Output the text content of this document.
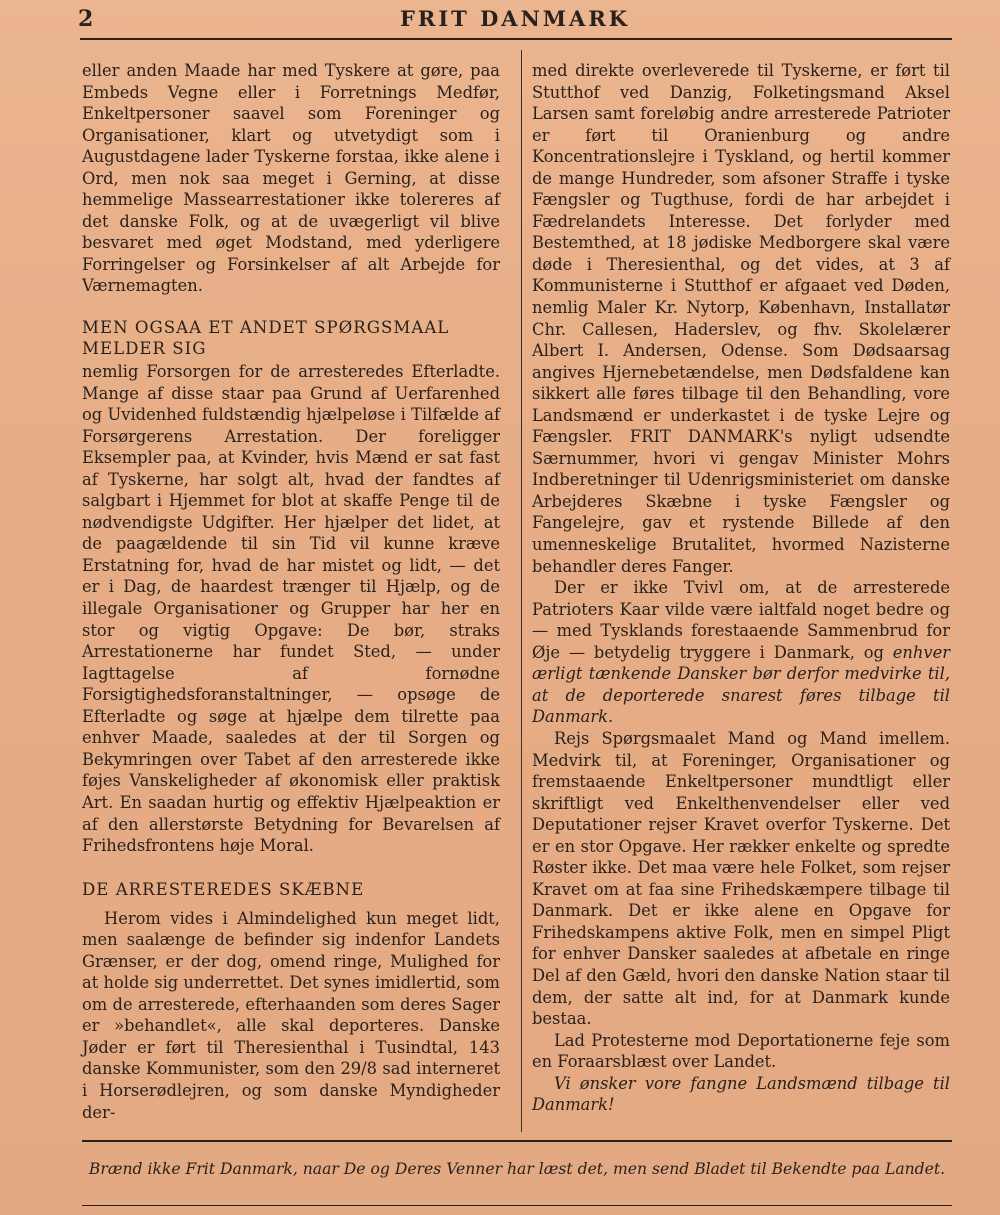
2	FRIT DANMARK

eller anden Maade har med Tyskere at gøre, paa Embeds Vegne eller i Forretnings Medfør, Enkeltpersoner saavel som Foreninger og Organisationer, klart og utvetydigt som i Augustdagene lader Tyskerne forstaa, ikke alene i Ord, men nok saa meget i Gerning, at disse hemmelige Massearrestationer ikke tolereres af det danske Folk, og at de uvægerligt vil blive besvaret med øget Modstand, med yderligere Forringelser og Forsinkelser af alt Arbejde for Værnemagten.

MEN OGSAA ET ANDET SPØRGSMAAL MELDER SIG

nemlig Forsorgen for de arresteredes Efterladte. Mange af disse staar paa Grund af Uerfarenhed og Uvidenhed fuldstændig hjælpeløse i Tilfælde af Forsørgerens Arrestation. Der foreligger Eksempler paa, at Kvinder, hvis Mænd er sat fast af Tyskerne, har solgt alt, hvad der fandtes af salgbart i Hjemmet for blot at skaffe Penge til de nødvendigste Udgifter. Her hjælper det lidet, at de paagældende til sin Tid vil kunne kræve Erstatning for, hvad de har mistet og lidt, — det er i Dag, de haardest trænger til Hjælp, og de illegale Organisationer og Grupper har her en stor og vigtig Opgave: De bør, straks Arrestationerne har fundet Sted, — under Iagttagelse af fornødne Forsigtighedsforanstaltninger, — opsøge de Efterladte og søge at hjælpe dem tilrette paa enhver Maade, saaledes at der til Sorgen og Bekymringen over Tabet af den arresterede ikke føjes Vanskeligheder af økonomisk eller praktisk Art. En saadan hurtig og effektiv Hjælpeaktion er af den allerstørste Betydning for Bevarelsen af Frihedsfrontens høje Moral.

DE ARRESTEREDES SKÆBNE

Herom vides i Almindelighed kun meget lidt, men saalænge de befinder sig indenfor Landets Grænser, er der dog, omend ringe, Mulighed for at holde sig underrettet. Det synes imidlertid, som om de arresterede, efterhaanden som deres Sager er »behandlet«, alle skal deporteres. Danske Jøder er ført til Theresienthal i Tusindtal, 143 danske Kommunister, som den 29/8 sad interneret i Horserødlejren, og som danske Myndigheder der-

med direkte overleverede til Tyskerne, er ført til Stutthof ved Danzig, Folketingsmand Aksel Larsen samt foreløbig andre arresterede Patrioter er ført til Oranienburg og andre Koncentrationslejre i Tyskland, og hertil kommer de mange Hundreder, som afsoner Straffe i tyske Fængsler og Tugthuse, fordi de har arbejdet i Fædrelandets Interesse. Det forlyder med Bestemthed, at 18 jødiske Medborgere skal være døde i Theresienthal, og det vides, at 3 af Kommunisterne i Stutthof er afgaaet ved Døden, nemlig Maler Kr. Nytorp, København, Installatør Chr. Callesen, Haderslev, og fhv. Skolelærer Albert I. Andersen, Odense. Som Dødsaarsag angives Hjernebetændelse, men Dødsfaldene kan sikkert alle føres tilbage til den Behandling, vore Landsmænd er underkastet i de tyske Lejre og Fængsler. FRIT DANMARK's nyligt udsendte Særnummer, hvori vi gengav Minister Mohrs Indberetninger til Udenrigsministeriet om danske Arbejderes Skæbne i tyske Fængsler og Fangelejre, gav et rystende Billede af den umenneskelige Brutalitet, hvormed Nazisterne behandler deres Fanger.

Der er ikke Tvivl om, at de arresterede Patrioters Kaar vilde være ialtfald noget bedre og — med Tysklands forestaaende Sammenbrud for Øje — betydelig tryggere i Danmark, og enhver ærligt tænkende Dansker bør derfor medvirke til, at de deporterede snarest føres tilbage til Danmark.

Rejs Spørgsmaalet Mand og Mand imellem. Medvirk til, at Foreninger, Organisationer og fremstaaende Enkeltpersoner mundtligt eller skriftligt ved Enkelthenvendelser eller ved Deputationer rejser Kravet overfor Tyskerne. Det er en stor Opgave. Her rækker enkelte og spredte Røster ikke. Det maa være hele Folket, som rejser Kravet om at faa sine Frihedskæmpere tilbage til Danmark. Det er ikke alene en Opgave for Frihedskampens aktive Folk, men en simpel Pligt for enhver Dansker saaledes at afbetale en ringe Del af den Gæld, hvori den danske Nation staar til dem, der satte alt ind, for at Danmark kunde bestaa.

Lad Protesterne mod Deportationerne feje som en Foraarsblæst over Landet.

Vi ønsker vore fangne Landsmænd tilbage til Danmark!

Brænd ikke Frit Danmark, naar De og Deres Venner har læst det, men send Bladet til Bekendte paa Landet.
